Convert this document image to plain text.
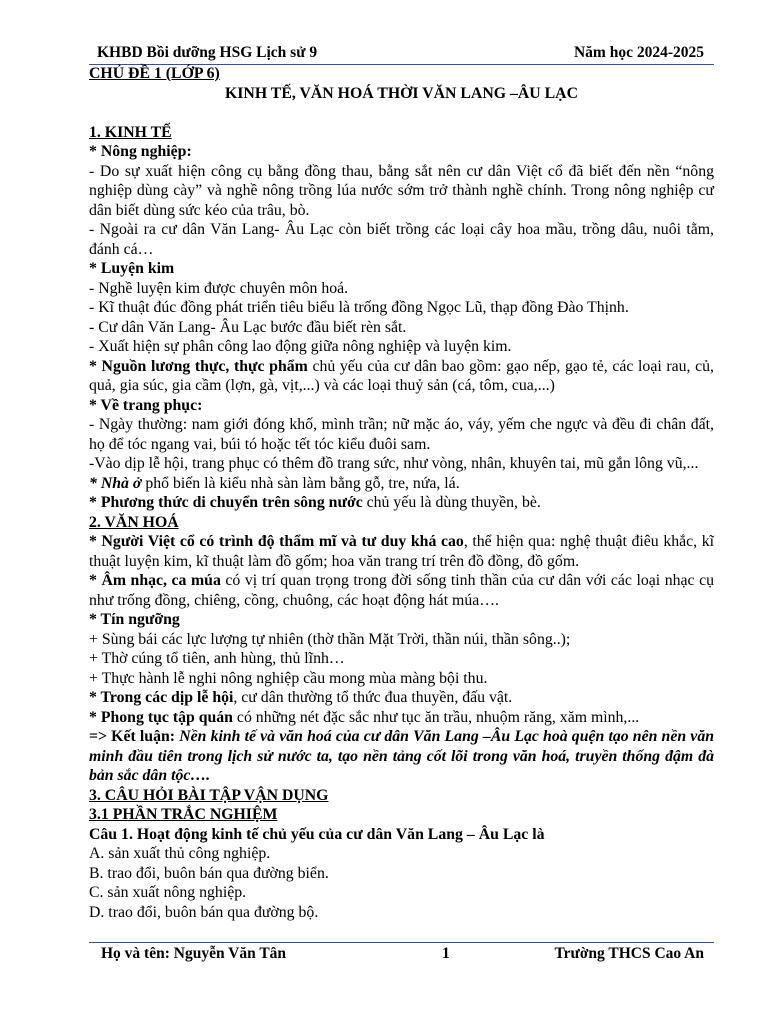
KHBD Bồi dưỡng HSG Lịch sử 9	Năm học 2024-2025

CHỦ ĐỀ 1 (LỚP 6)

KINH TẾ, VĂN HOÁ THỜI VĂN LANG –ÂU LẠC

1. KINH TẾ

* Nông nghiệp:

- Do sự xuất hiện công cụ bằng đồng thau, bằng sắt nên cư dân Việt cổ đã biết đến nền “nông nghiệp dùng cày” và nghề nông trồng lúa nước sớm trở thành nghề chính. Trong nông nghiệp cư dân biết dùng sức kéo của trâu, bò.

- Ngoài ra cư dân Văn Lang- Âu Lạc còn biết trồng các loại cây hoa mầu, trồng dâu, nuôi tằm, đánh cá…

* Luyện kim

- Nghề luyện kim được chuyên môn hoá.

- Kĩ thuật đúc đồng phát triển tiêu biểu là trống đồng Ngọc Lũ, thạp đồng Đào Thịnh.

- Cư dân Văn Lang- Âu Lạc bước đầu biết rèn sắt.

- Xuất hiện sự phân công lao động giữa nông nghiệp và luyện kim.

* Nguồn lương thực, thực phẩm chủ yếu của cư dân bao gồm: gạo nếp, gạo tẻ, các loại rau, củ, quả, gia súc, gia cầm (lợn, gà, vịt,...) và các loại thuỷ sản (cá, tôm, cua,...)

* Về trang phục:

- Ngày thường: nam giới đóng khố, mình trần; nữ mặc áo, váy, yếm che ngực và đều đi chân đất, họ để tóc ngang vai, búi tó hoặc tết tóc kiểu đuôi sam.

-Vào dịp lễ hội, trang phục có thêm đồ trang sức, như vòng, nhân, khuyên tai, mũ gắn lông vũ,...

* Nhà ở phổ biến là kiểu nhà sàn làm bằng gỗ, tre, nứa, lá.

* Phương thức di chuyển trên sông nước chủ yếu là dùng thuyền, bè.

2. VĂN HOÁ

* Người Việt cổ có trình độ thẩm mĩ và tư duy khá cao, thể hiện qua: nghệ thuật điêu khắc, kĩ thuật luyện kim, kĩ thuật làm đồ gốm; hoa văn trang trí trên đồ đồng, đồ gốm.

* Âm nhạc, ca múa có vị trí quan trọng trong đời sống tinh thần của cư dân với các loại nhạc cụ như trống đồng, chiêng, cồng, chuông, các hoạt động hát múa….

* Tín ngưỡng

+ Sùng bái các lực lượng tự nhiên (thờ thần Mặt Trời, thần núi, thần sông..);

+ Thờ cúng tổ tiên, anh hùng, thủ lĩnh…

+ Thực hành lễ nghi nông nghiệp cầu mong mùa màng bội thu.

* Trong các dịp lễ hội, cư dân thường tổ thức đua thuyền, đấu vật.

* Phong tục tập quán có những nét đặc sắc như tục ăn trầu, nhuộm răng, xăm mình,...

=> Kết luận: Nền kinh tế và văn hoá của cư dân Văn Lang –Âu Lạc hoà quện tạo nên nền văn minh đầu tiên trong lịch sử nước ta, tạo nền tảng cốt lõi trong văn hoá, truyền thống đậm đà bản sắc dân tộc….

3. CÂU HỎI BÀI TẬP VẬN DỤNG

3.1 PHẦN TRẮC NGHIỆM

Câu 1. Hoạt động kinh tế chủ yếu của cư dân Văn Lang – Âu Lạc là

A. sản xuất thủ công nghiệp.

B. trao đổi, buôn bán qua đường biển.

C. sản xuất nông nghiệp.

D. trao đổi, buôn bán qua đường bộ.

Họ và tên: Nguyễn Văn Tân	1	Trường THCS Cao An
